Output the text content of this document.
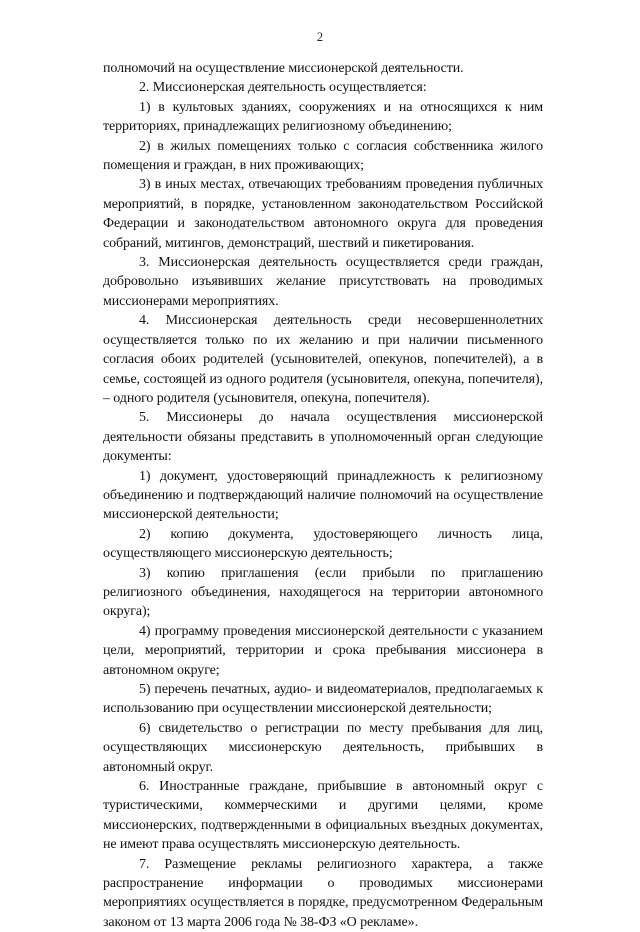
2

полномочий на осуществление миссионерской деятельности.

2. Миссионерская деятельность осуществляется:

1) в культовых зданиях, сооружениях и на относящихся к ним территориях, принадлежащих религиозному объединению;

2) в жилых помещениях только с согласия собственника жилого помещения и граждан, в них проживающих;

3) в иных местах, отвечающих требованиям проведения публичных мероприятий, в порядке, установленном законодательством Российской Федерации и законодательством автономного округа для проведения собраний, митингов, демонстраций, шествий и пикетирования.

3. Миссионерская деятельность осуществляется среди граждан, добровольно изъявивших желание присутствовать на проводимых миссионерами мероприятиях.

4. Миссионерская деятельность среди несовершеннолетних осуществляется только по их желанию и при наличии письменного согласия обоих родителей (усыновителей, опекунов, попечителей), а в семье, состоящей из одного родителя (усыновителя, опекуна, попечителя), – одного родителя (усыновителя, опекуна, попечителя).

5. Миссионеры до начала осуществления миссионерской деятельности обязаны представить в уполномоченный орган следующие документы:

1) документ, удостоверяющий принадлежность к религиозному объединению и подтверждающий наличие полномочий на осуществление миссионерской деятельности;

2) копию документа, удостоверяющего личность лица, осуществляющего миссионерскую деятельность;

3) копию приглашения (если прибыли по приглашению религиозного объединения, находящегося на территории автономного округа);

4) программу проведения миссионерской деятельности с указанием цели, мероприятий, территории и срока пребывания миссионера в автономном округе;

5) перечень печатных, аудио- и видеоматериалов, предполагаемых к использованию при осуществлении миссионерской деятельности;

6) свидетельство о регистрации по месту пребывания для лиц, осуществляющих миссионерскую деятельность, прибывших в автономный округ.

6. Иностранные граждане, прибывшие в автономный округ с туристическими, коммерческими и другими целями, кроме миссионерских, подтвержденными в официальных въездных документах, не имеют права осуществлять миссионерскую деятельность.

7. Размещение рекламы религиозного характера, а также распространение информации о проводимых миссионерами мероприятиях осуществляется в порядке, предусмотренном Федеральным законом от 13 марта 2006 года № 38-ФЗ «О рекламе».
